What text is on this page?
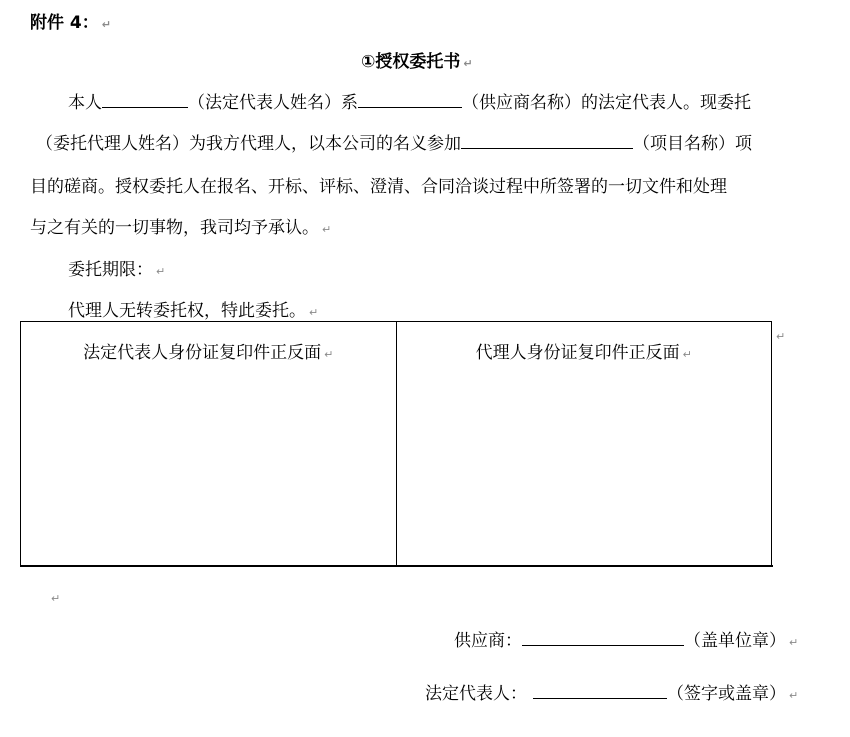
附件 4： ↵
①授权委托书 ↵
本人	（法定代表人姓名）系	（供应商名称）的法定代表人。现委托
（委托代理人姓名）为我方代理人，以本公司的名义参加	（项目名称）项
目的磋商。授权委托人在报名、开标、评标、澄清、合同洽谈过程中所签署的一切文件和处理
与之有关的一切事物，我司均予承认。 ↵
委托期限： ↵
代理人无转委托权，特此委托。 ↵
法定代表人身份证复印件正反面 ↵	代理人身份证复印件正反面 ↵
↵
↵
供应商：	（盖单位章） ↵
法定代表人：	（签字或盖章） ↵
